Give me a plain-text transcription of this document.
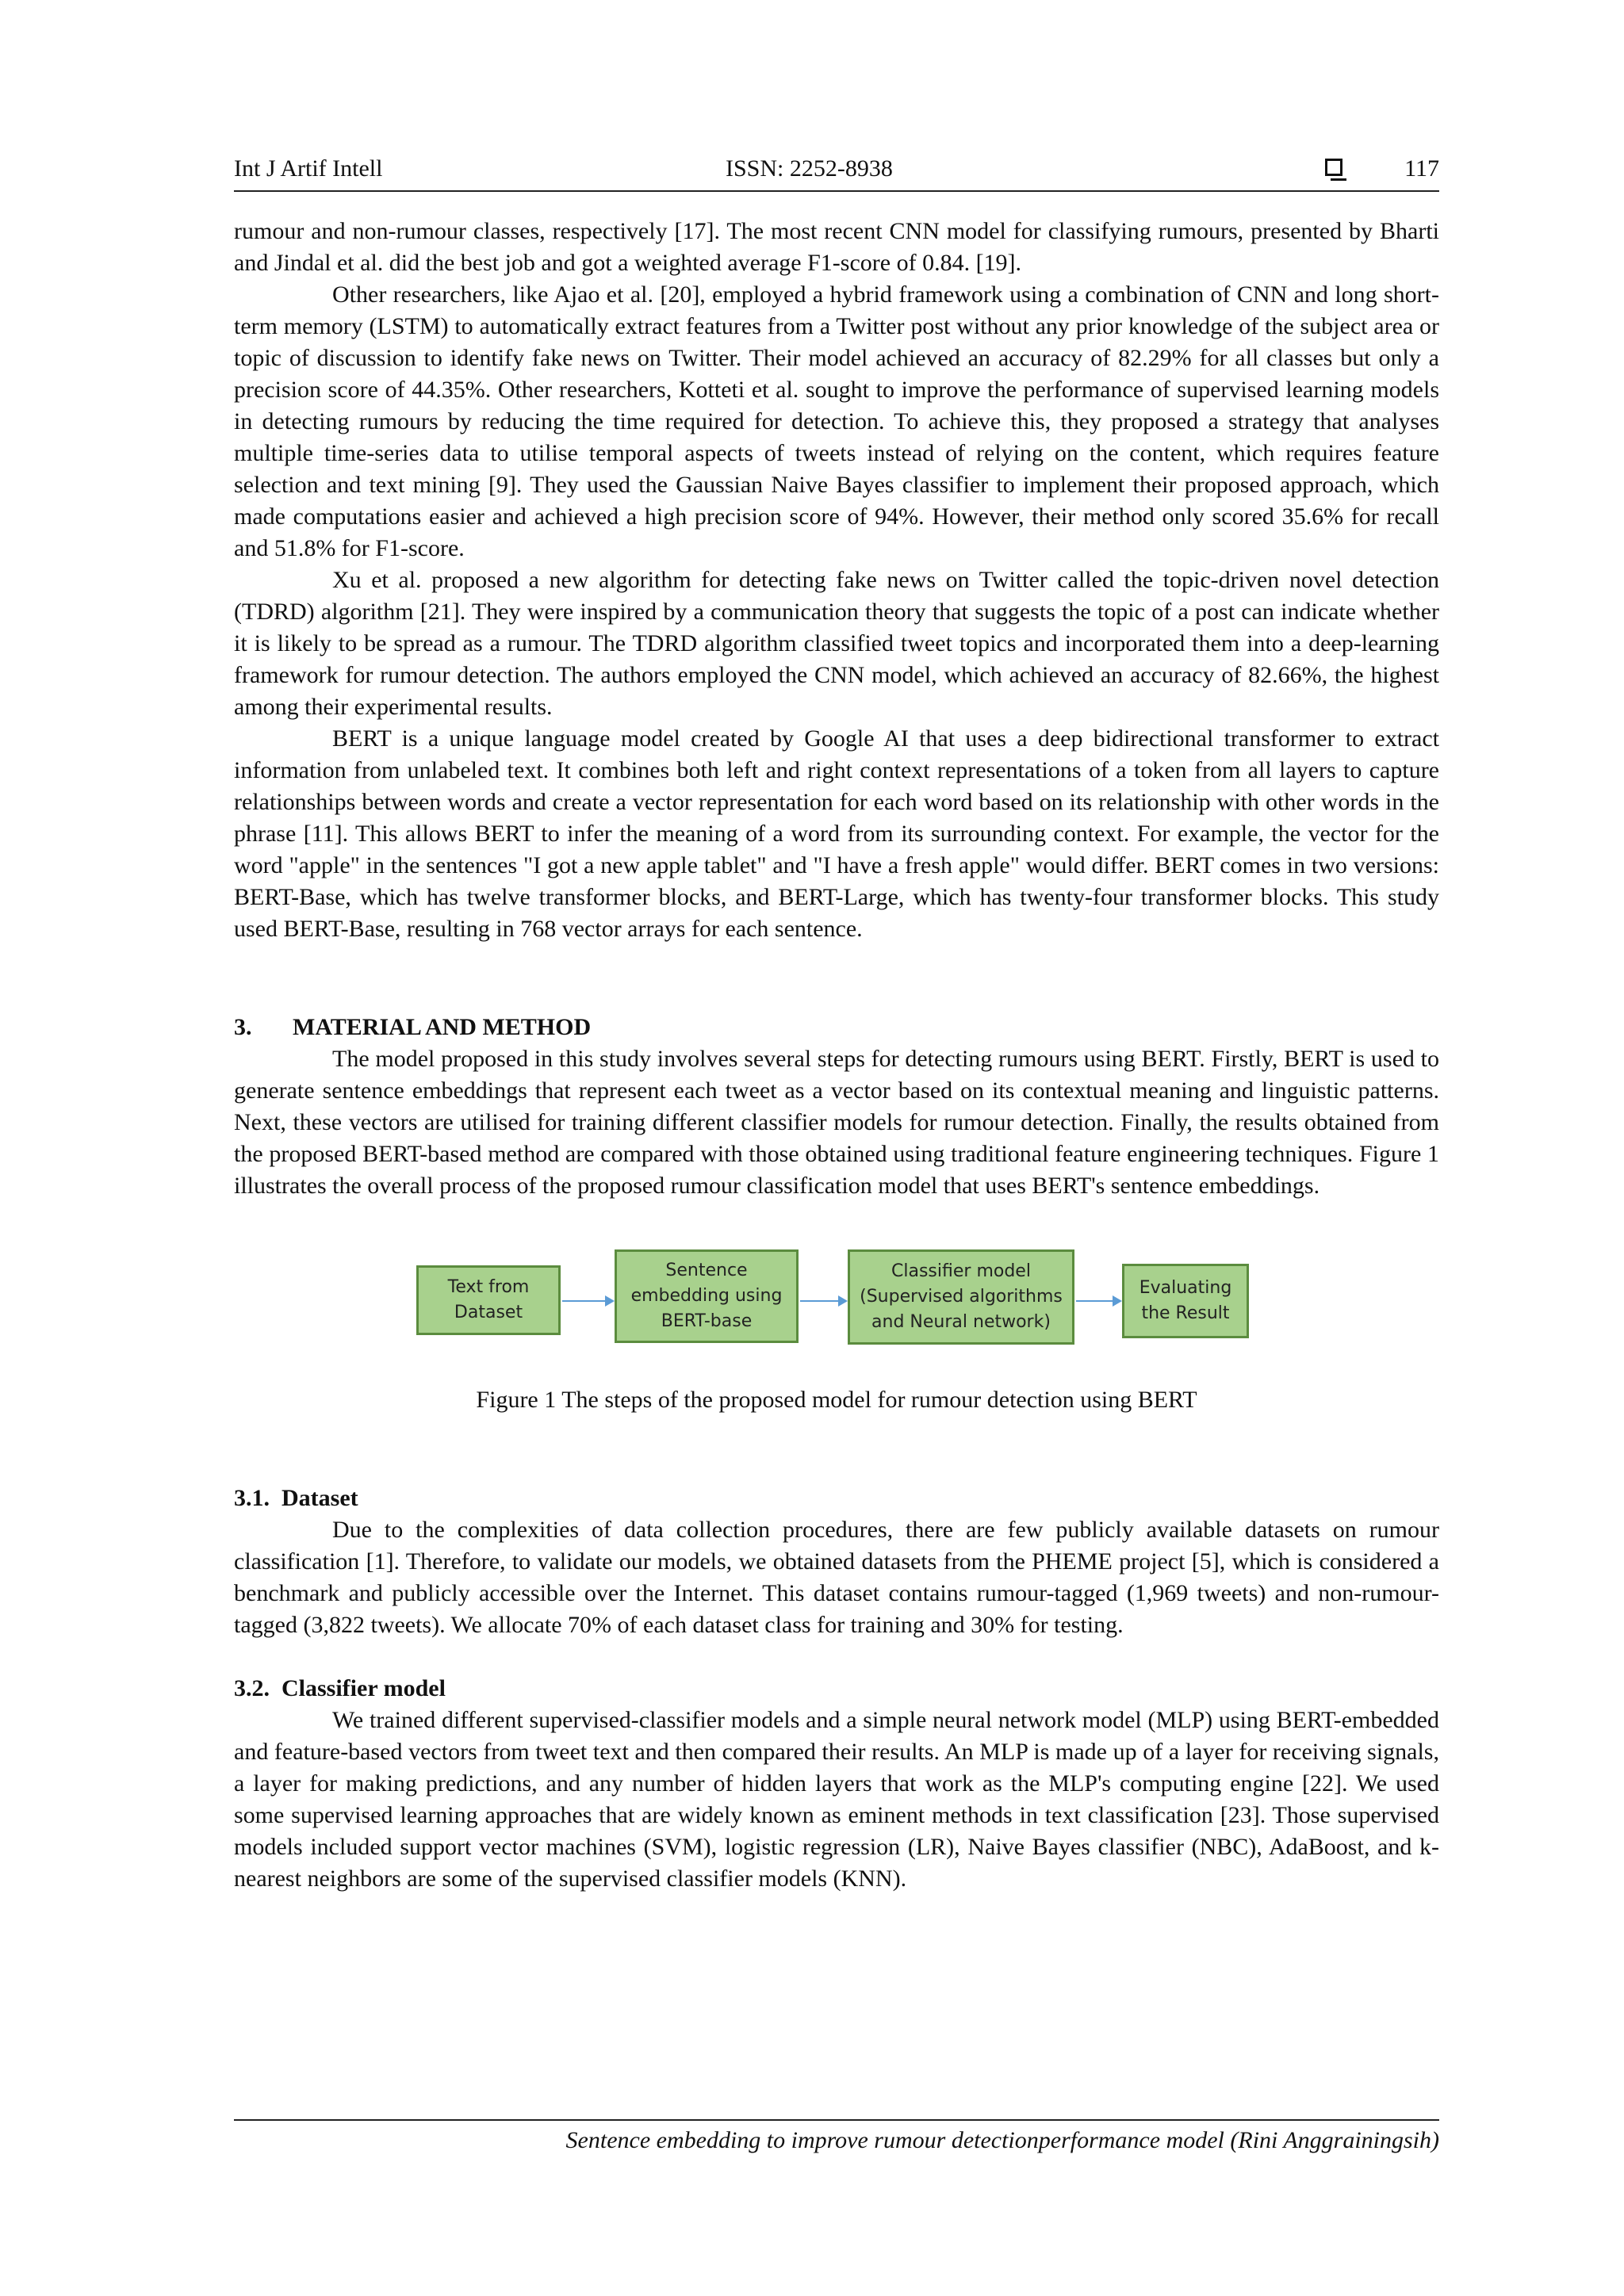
Int J Artif Intell	ISSN: 2252-8938	117

rumour and non-rumour classes, respectively [17]. The most recent CNN model for classifying rumours, presented by Bharti and Jindal et al. did the best job and got a weighted average F1-score of 0.84. [19].

Other researchers, like Ajao et al. [20], employed a hybrid framework using a combination of CNN and long short-term memory (LSTM) to automatically extract features from a Twitter post without any prior knowledge of the subject area or topic of discussion to identify fake news on Twitter. Their model achieved an accuracy of 82.29% for all classes but only a precision score of 44.35%. Other researchers, Kotteti et al. sought to improve the performance of supervised learning models in detecting rumours by reducing the time required for detection. To achieve this, they proposed a strategy that analyses multiple time-series data to utilise temporal aspects of tweets instead of relying on the content, which requires feature selection and text mining [9]. They used the Gaussian Naive Bayes classifier to implement their proposed approach, which made computations easier and achieved a high precision score of 94%. However, their method only scored 35.6% for recall and 51.8% for F1-score.

Xu et al. proposed a new algorithm for detecting fake news on Twitter called the topic-driven novel detection (TDRD) algorithm [21]. They were inspired by a communication theory that suggests the topic of a post can indicate whether it is likely to be spread as a rumour. The TDRD algorithm classified tweet topics and incorporated them into a deep-learning framework for rumour detection. The authors employed the CNN model, which achieved an accuracy of 82.66%, the highest among their experimental results.

BERT is a unique language model created by Google AI that uses a deep bidirectional transformer to extract information from unlabeled text. It combines both left and right context representations of a token from all layers to capture relationships between words and create a vector representation for each word based on its relationship with other words in the phrase [11]. This allows BERT to infer the meaning of a word from its surrounding context. For example, the vector for the word "apple" in the sentences "I got a new apple tablet" and "I have a fresh apple" would differ. BERT comes in two versions: BERT-Base, which has twelve transformer blocks, and BERT-Large, which has twenty-four transformer blocks. This study used BERT-Base, resulting in 768 vector arrays for each sentence.

3. MATERIAL AND METHOD

The model proposed in this study involves several steps for detecting rumours using BERT. Firstly, BERT is used to generate sentence embeddings that represent each tweet as a vector based on its contextual meaning and linguistic patterns. Next, these vectors are utilised for training different classifier models for rumour detection. Finally, the results obtained from the proposed BERT-based method are compared with those obtained using traditional feature engineering techniques. Figure 1 illustrates the overall process of the proposed rumour classification model that uses BERT's sentence embeddings.

Text from
Dataset
Sentence
embedding using
BERT-base
Classifier model
(Supervised algorithms
and Neural network)
Evaluating
the Result

Figure 1 The steps of the proposed model for rumour detection using BERT

3.1. Dataset

Due to the complexities of data collection procedures, there are few publicly available datasets on rumour classification [1]. Therefore, to validate our models, we obtained datasets from the PHEME project [5], which is considered a benchmark and publicly accessible over the Internet. This dataset contains rumour-tagged (1,969 tweets) and non-rumour-tagged (3,822 tweets). We allocate 70% of each dataset class for training and 30% for testing.

3.2. Classifier model

We trained different supervised-classifier models and a simple neural network model (MLP) using BERT-embedded and feature-based vectors from tweet text and then compared their results. An MLP is made up of a layer for receiving signals, a layer for making predictions, and any number of hidden layers that work as the MLP's computing engine [22]. We used some supervised learning approaches that are widely known as eminent methods in text classification [23]. Those supervised models included support vector machines (SVM), logistic regression (LR), Naive Bayes classifier (NBC), AdaBoost, and k-nearest neighbors are some of the supervised classifier models (KNN).

Sentence embedding to improve rumour detectionperformance model (Rini Anggrainingsih)
